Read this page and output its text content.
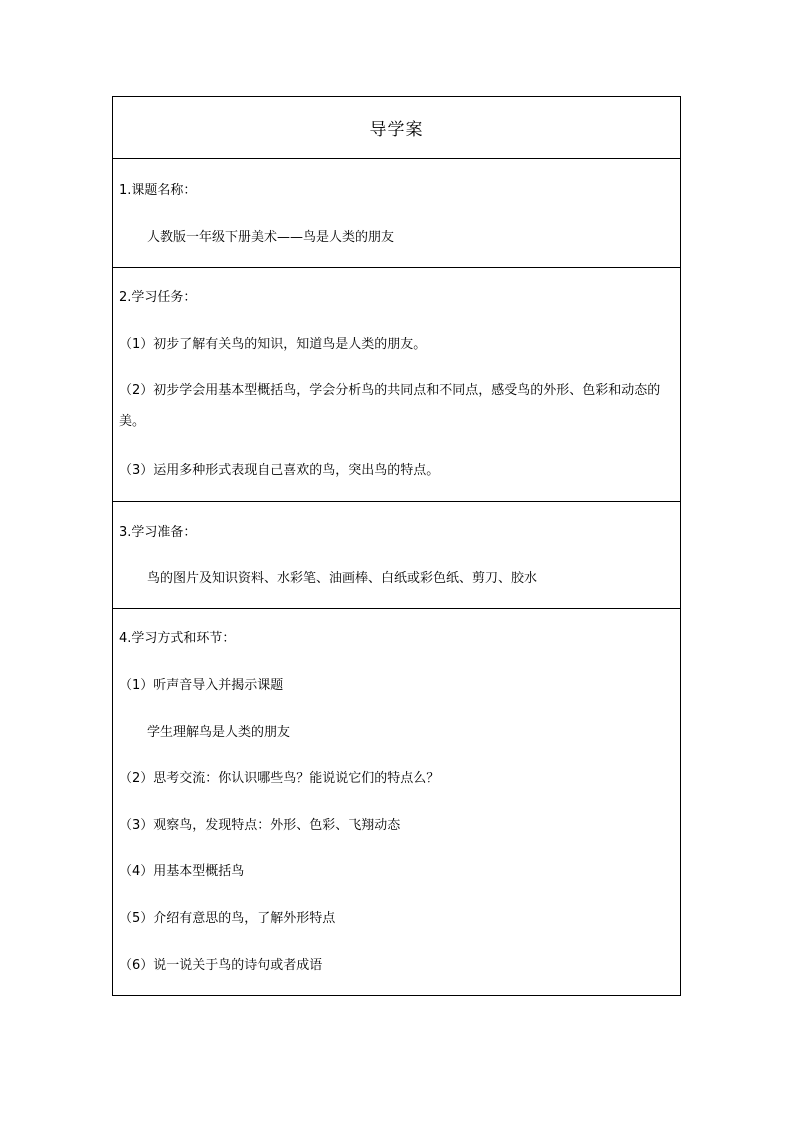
导学案
1.课题名称：
人教版一年级下册美术——鸟是人类的朋友
2.学习任务：
（1）初步了解有关鸟的知识，知道鸟是人类的朋友。
（2）初步学会用基本型概括鸟，学会分析鸟的共同点和不同点，感受鸟的外形、色彩和动态的美。
（3）运用多种形式表现自己喜欢的鸟，突出鸟的特点。
3.学习准备：
鸟的图片及知识资料、水彩笔、油画棒、白纸或彩色纸、剪刀、胶水
4.学习方式和环节：
（1）听声音导入并揭示课题
学生理解鸟是人类的朋友
（2）思考交流：你认识哪些鸟？能说说它们的特点么？
（3）观察鸟，发现特点：外形、色彩、飞翔动态
（4）用基本型概括鸟
（5）介绍有意思的鸟，了解外形特点
（6）说一说关于鸟的诗句或者成语
